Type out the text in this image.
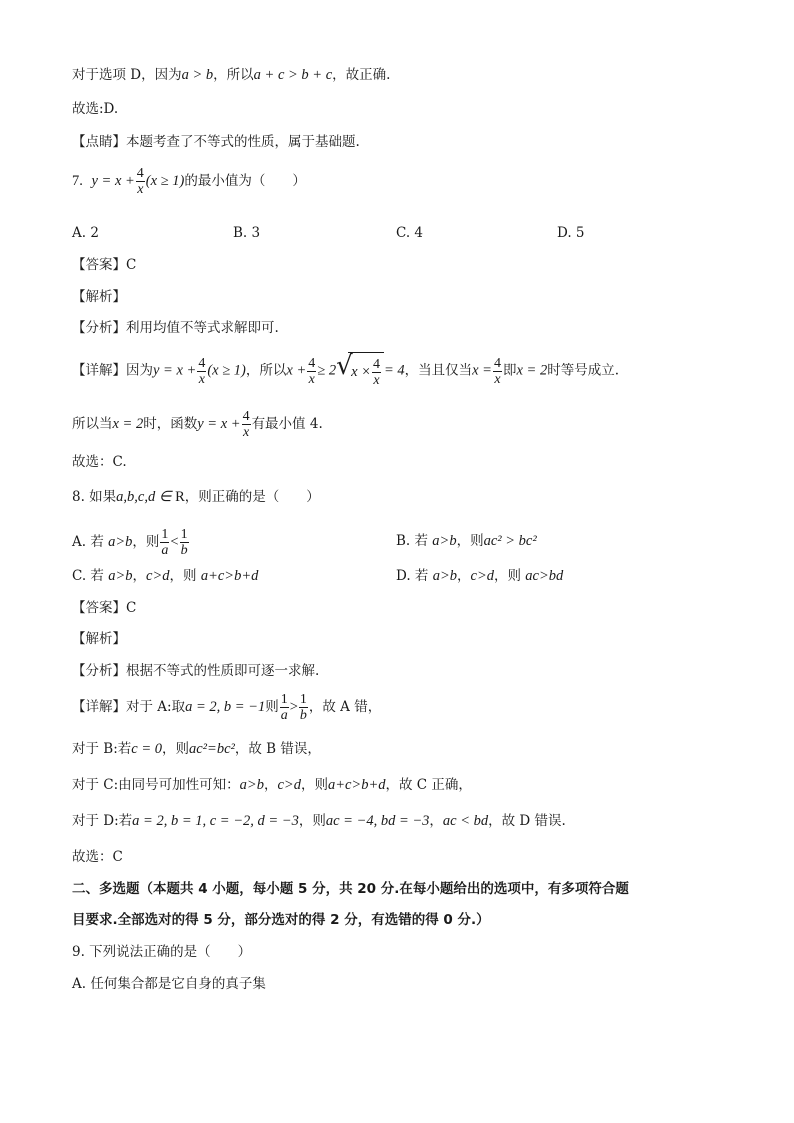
对于选项 D，因为a > b，所以a + c > b + c，故正确.
故选:D.
【点睛】本题考查了不等式的性质，属于基础题.
7. $y = x + \frac{4}{x} (x \ge 1)$的最小值为（　　）
A. 2	B. 3	C. 4	D. 5
【答案】C
【解析】
【分析】利用均值不等式求解即可.
【详解】因为$y = x + \frac{4}{x} (x \ge 1)$，所以$x + \frac{4}{x} \ge 2$ √
$x \times \frac{4}{x} = 4$，当且仅当$x = \frac{4}{x}$ 即x = 2时等号成立.
所以当x = 2时，函数$y = x + \frac{4}{x}$ 有最小值 4.
故选：C.
8. 如果a,b,c,d ∈ R，则正确的是（　　）
A. 若 a>b，则 $\frac{1}{a} < \frac{1}{b}$	B. 若 a>b，则ac² > bc²
C. 若 a>b，c>d，则 a+c>b+d	D. 若 a>b，c>d，则 ac>bd
【答案】C
【解析】
【分析】根据不等式的性质即可逐一求解.
【详解】对于 A:取a = 2, b = −1则 $\frac{1}{a} > \frac{1}{b}$ ，故 A 错，
对于 B:若c = 0，则ac²=bc²，故 B 错误，
对于 C:由同号可加性可知：a>b，c>d，则a+c>b+d，故 C 正确，
对于 D:若a = 2, b = 1, c = −2, d = −3，则ac = −4, bd = −3，ac < bd，故 D 错误.
故选：C
二、多选题（本题共 4 小题，每小题 5 分，共 20 分.在每小题给出的选项中，有多项符合题
目要求.全部选对的得 5 分，部分选对的得 2 分，有选错的得 0 分.）
9. 下列说法正确的是（　　）
A. 任何集合都是它自身的真子集
